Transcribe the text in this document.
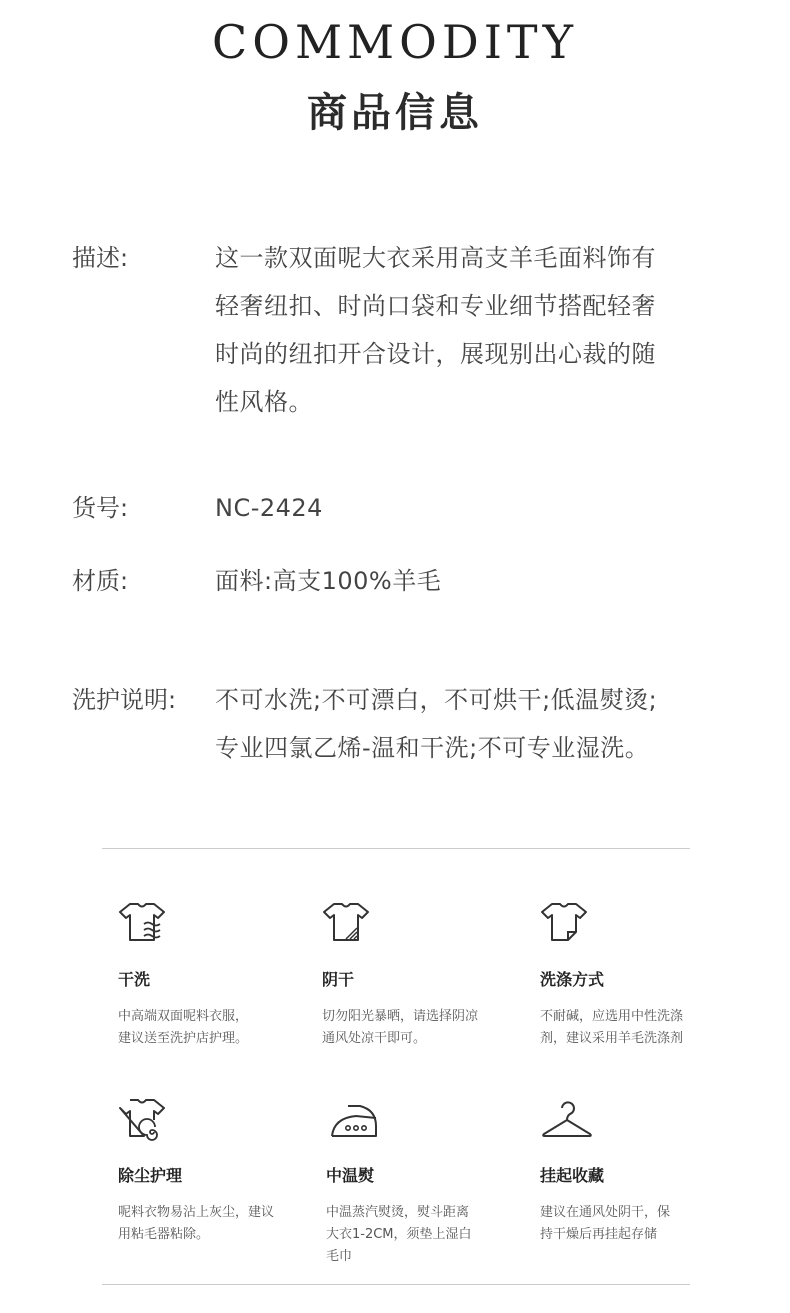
COMMODITY
商品信息
描述:	这一款双面呢大衣采用高支羊毛面料饰有
轻奢纽扣、时尚口袋和专业细节搭配轻奢
时尚的纽扣开合设计，展现别出心裁的随
性风格。
货号:	NC-2424
材质:	面料:高支100%羊毛
洗护说明:	不可水洗;不可漂白，不可烘干;低温熨烫;
专业四氯乙烯-温和干洗;不可专业湿洗。
干洗
中高端双面呢料衣服，
建议送至洗护店护理。
阴干
切勿阳光暴晒，请选择阴凉
通风处凉干即可。
洗涤方式
不耐碱，应选用中性洗涤
剂，建议采用羊毛洗涤剂
除尘护理
呢料衣物易沾上灰尘，建议
用粘毛器粘除。
中温熨
中温蒸汽熨烫，熨斗距离
大衣1-2CM，须垫上湿白
毛巾
挂起收藏
建议在通风处阴干，保
持干燥后再挂起存储
